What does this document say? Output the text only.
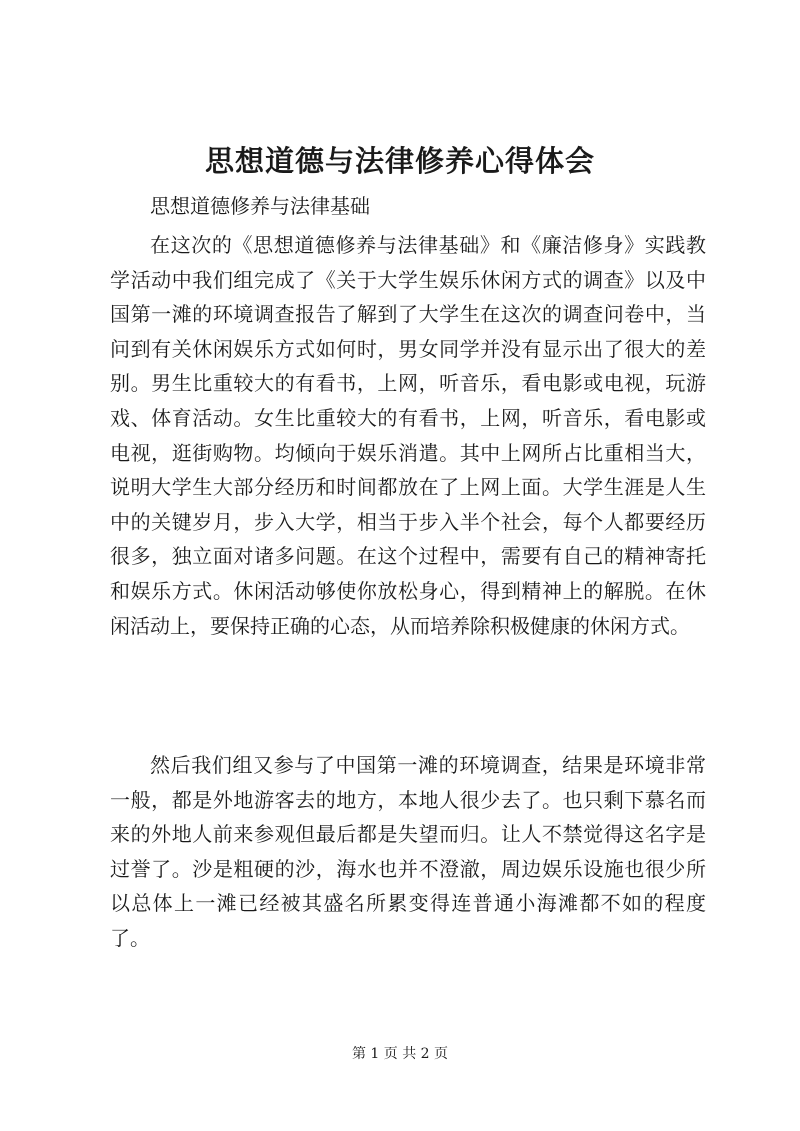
思想道德与法律修养心得体会
思想道德修养与法律基础

在这次的《思想道德修养与法律基础》和《廉洁修身》实践教学活动中我们组完成了《关于大学生娱乐休闲方式的调查》以及中国第一滩的环境调查报告了解到了大学生在这次的调查问卷中，当问到有关休闲娱乐方式如何时，男女同学并没有显示出了很大的差别。男生比重较大的有看书，上网，听音乐，看电影或电视，玩游戏、体育活动。女生比重较大的有看书，上网，听音乐，看电影或电视，逛街购物。均倾向于娱乐消遣。其中上网所占比重相当大，说明大学生大部分经历和时间都放在了上网上面。大学生涯是人生中的关键岁月，步入大学，相当于步入半个社会，每个人都要经历很多，独立面对诸多问题。在这个过程中，需要有自己的精神寄托和娱乐方式。休闲活动够使你放松身心，得到精神上的解脱。在休闲活动上，要保持正确的心态，从而培养除积极健康的休闲方式。

然后我们组又参与了中国第一滩的环境调查，结果是环境非常一般，都是外地游客去的地方，本地人很少去了。也只剩下慕名而来的外地人前来参观但最后都是失望而归。让人不禁觉得这名字是过誉了。沙是粗硬的沙，海水也并不澄澈，周边娱乐设施也很少所以总体上一滩已经被其盛名所累变得连普通小海滩都不如的程度了。

第 1 页 共 2 页
